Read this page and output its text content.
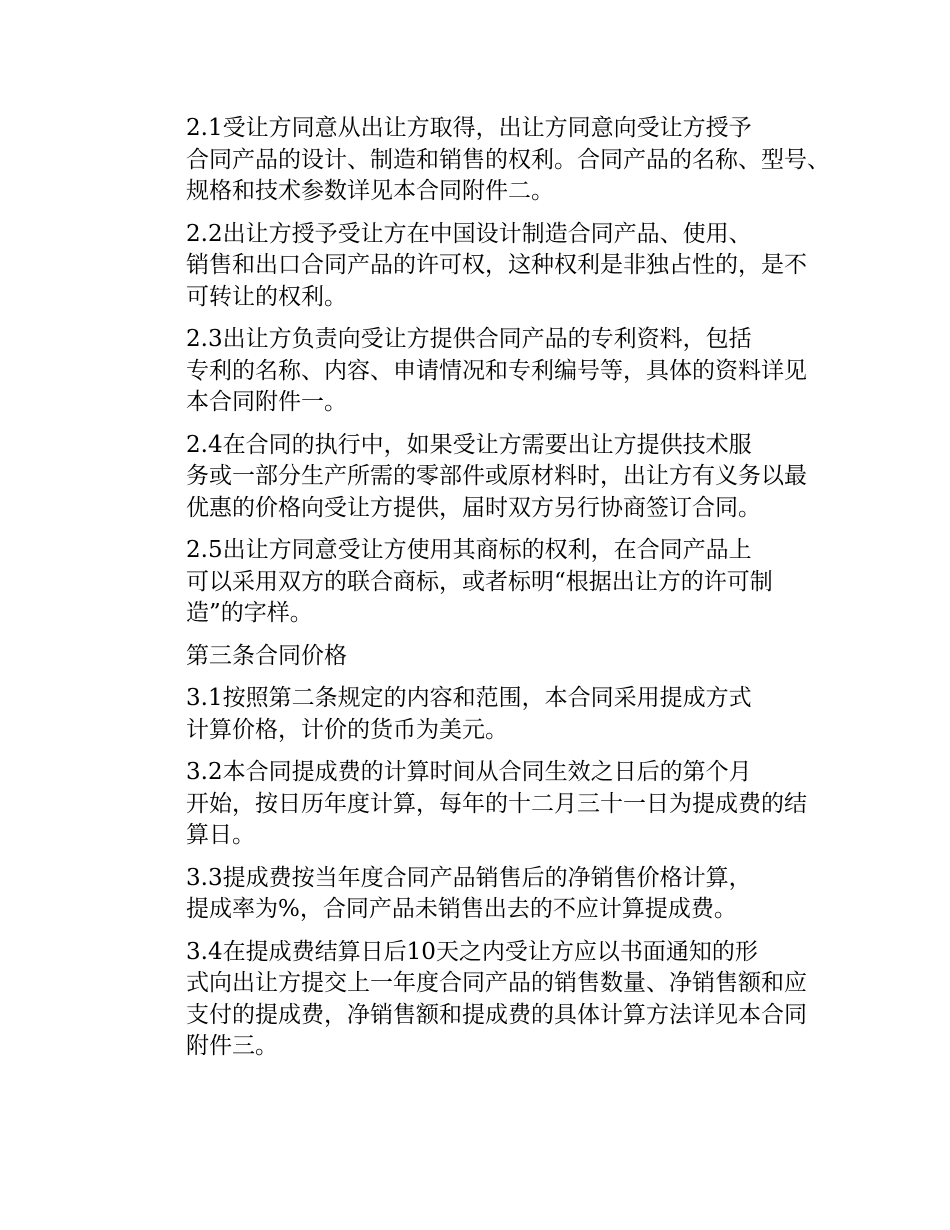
2.1受让方同意从出让方取得，出让方同意向受让方授予
合同产品的设计、制造和销售的权利。合同产品的名称、型号、
规格和技术参数详见本合同附件二。

2.2出让方授予受让方在中国设计制造合同产品、使用、
销售和出口合同产品的许可权，这种权利是非独占性的，是不
可转让的权利。

2.3出让方负责向受让方提供合同产品的专利资料，包括
专利的名称、内容、申请情况和专利编号等，具体的资料详见
本合同附件一。

2.4在合同的执行中，如果受让方需要出让方提供技术服
务或一部分生产所需的零部件或原材料时，出让方有义务以最
优惠的价格向受让方提供，届时双方另行协商签订合同。

2.5出让方同意受让方使用其商标的权利，在合同产品上
可以采用双方的联合商标，或者标明“根据出让方的许可制
造”的字样。

第三条合同价格

3.1按照第二条规定的内容和范围，本合同采用提成方式
计算价格，计价的货币为美元。

3.2本合同提成费的计算时间从合同生效之日后的第个月
开始，按日历年度计算，每年的十二月三十一日为提成费的结
算日。

3.3提成费按当年度合同产品销售后的净销售价格计算，
提成率为%，合同产品未销售出去的不应计算提成费。

3.4在提成费结算日后10天之内受让方应以书面通知的形
式向出让方提交上一年度合同产品的销售数量、净销售额和应
支付的提成费，净销售额和提成费的具体计算方法详见本合同
附件三。
